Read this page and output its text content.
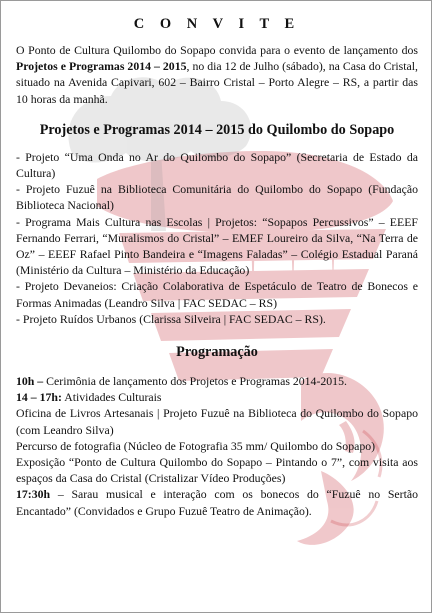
C O N V I T E

O Ponto de Cultura Quilombo do Sopapo convida para o evento de lançamento dos Projetos e Programas 2014 – 2015, no dia 12 de Julho (sábado), na Casa do Cristal, situado na Avenida Capivari, 602 – Bairro Cristal – Porto Alegre – RS, a partir das 10 horas da manhã.

Projetos e Programas 2014 – 2015 do Quilombo do Sopapo
- Projeto “Uma Onda no Ar do Quilombo do Sopapo” (Secretaria de Estado da Cultura)
- Projeto Fuzuê na Biblioteca Comunitária do Quilombo do Sopapo (Fundação Biblioteca Nacional)
- Programa Mais Cultura nas Escolas | Projetos: “Sopapos Percussivos” – EEEF Fernando Ferrari, “Muralismos do Cristal” – EMEF Loureiro da Silva, “Na Terra de Oz” – EEEF Rafael Pinto Bandeira e “Imagens Faladas” – Colégio Estadual Paraná (Ministério da Cultura – Ministério da Educação)
- Projeto Devaneios: Criação Colaborativa de Espetáculo de Teatro de Bonecos e Formas Animadas (Leandro Silva | FAC SEDAC – RS)
- Projeto Ruídos Urbanos (Clarissa Silveira | FAC SEDAC – RS).
Programação

10h – Cerimônia de lançamento dos Projetos e Programas 2014-2015.

14 – 17h: Atividades Culturais

Oficina de Livros Artesanais | Projeto Fuzuê na Biblioteca do Quilombo do Sopapo (com Leandro Silva)

Percurso de fotografia (Núcleo de Fotografia 35 mm/ Quilombo do Sopapo)

Exposição “Ponto de Cultura Quilombo do Sopapo – Pintando o 7”, com visita aos espaços da Casa do Cristal (Cristalizar Vídeo Produções)

17:30h – Sarau musical e interação com os bonecos do “Fuzuê no Sertão Encantado” (Convidados e Grupo Fuzuê Teatro de Animação).
